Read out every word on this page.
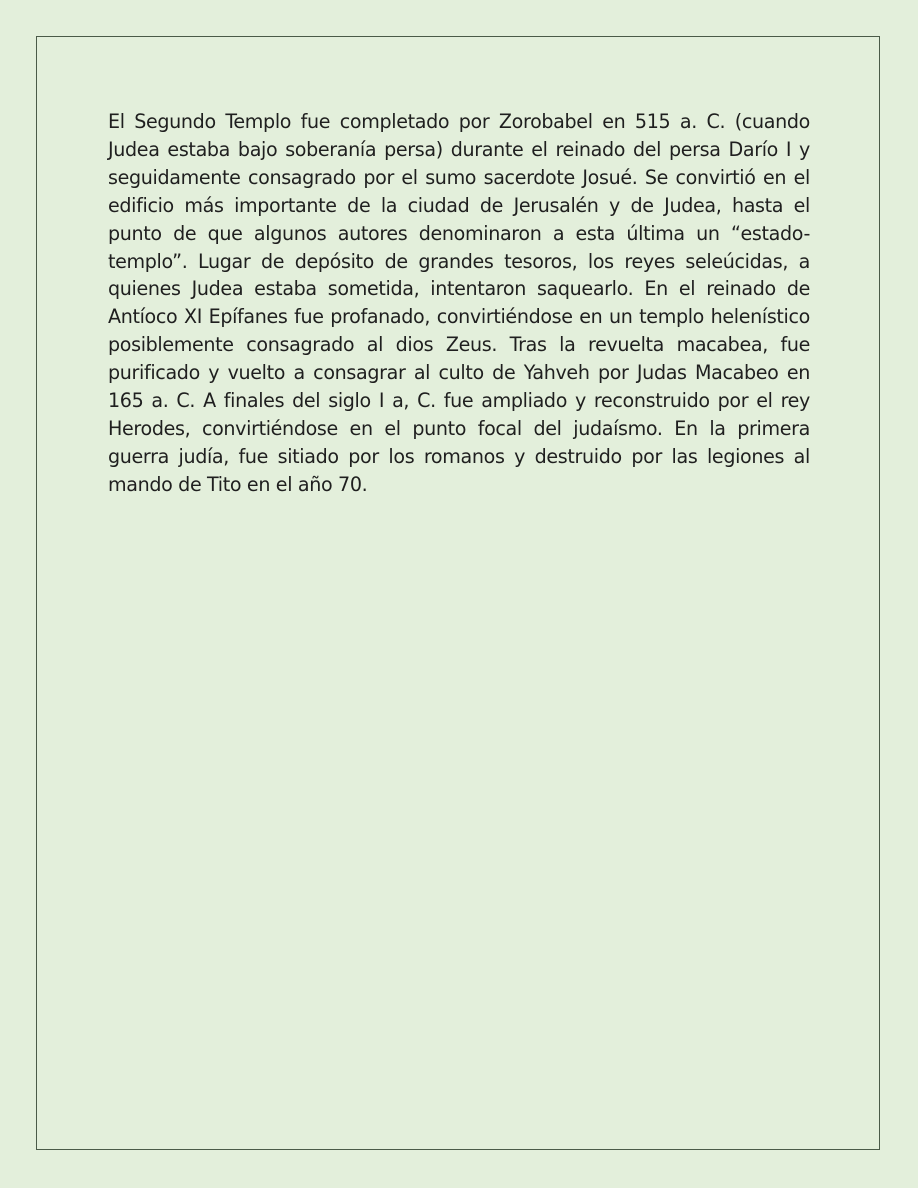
El Segundo Templo fue completado por Zorobabel en 515 a. C. (cuando Judea estaba bajo soberanía persa) durante el reinado del persa Darío I y seguidamente consagrado por el sumo sacerdote Josué. Se convirtió en el edificio más importante de la ciudad de Jerusalén y de Judea, hasta el punto de que algunos autores denominaron a esta última un “estado-templo”. Lugar de depósito de grandes tesoros, los reyes seleúcidas, a quienes Judea estaba sometida, intentaron saquearlo. En el reinado de Antíoco XI Epífanes fue profanado, convirtiéndose en un templo helenístico posiblemente consagrado al dios Zeus. Tras la revuelta macabea, fue purificado y vuelto a consagrar al culto de Yahveh por Judas Macabeo en 165 a. C. A finales del siglo I a, C. fue ampliado y reconstruido por el rey Herodes, convirtiéndose en el punto focal del judaísmo. En la primera guerra judía, fue sitiado por los romanos y destruido por las legiones al mando de Tito en el año 70.
